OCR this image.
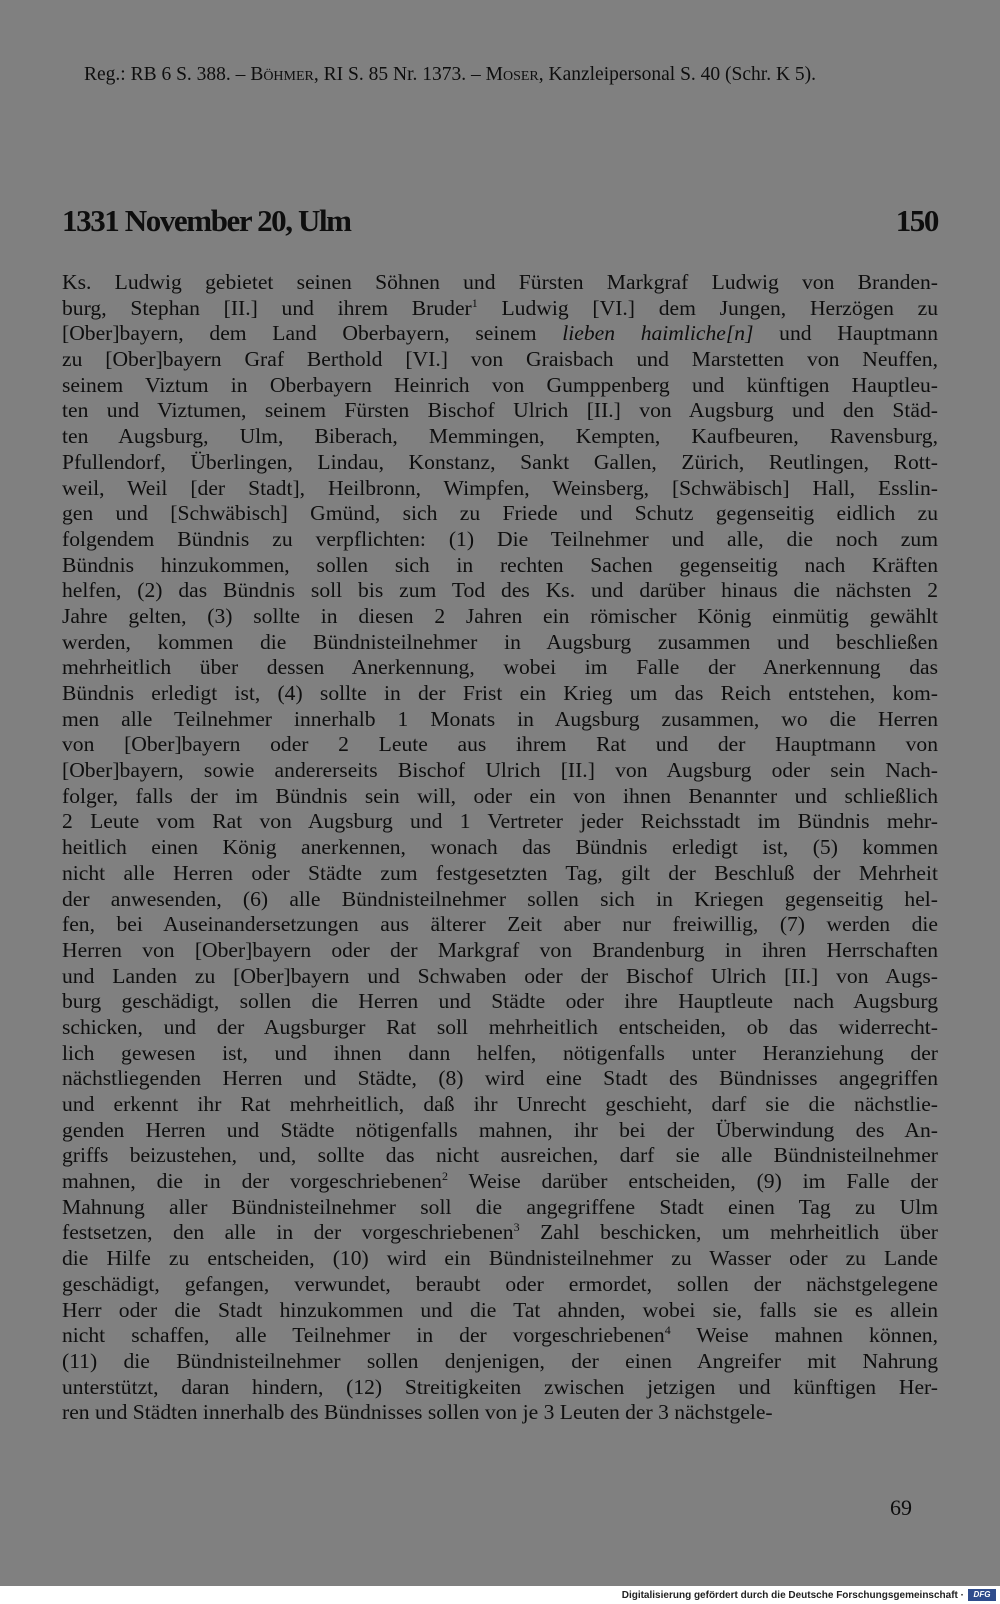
Reg.: RB 6 S. 388. – Böhmer, RI S. 85 Nr. 1373. – Moser, Kanzleipersonal S. 40 (Schr. K 5).
1331 November 20, Ulm	150
Ks. Ludwig gebietet seinen Söhnen und Fürsten Markgraf Ludwig von Branden-
burg, Stephan [II.] und ihrem Bruder$^1$ Ludwig [VI.] dem Jungen, Herzögen zu
[Ober]bayern, dem Land Oberbayern, seinem lieben haimliche[n] und Hauptmann
zu [Ober]bayern Graf Berthold [VI.] von Graisbach und Marstetten von Neuffen,
seinem Viztum in Oberbayern Heinrich von Gumppenberg und künftigen Hauptleu-
ten und Viztumen, seinem Fürsten Bischof Ulrich [II.] von Augsburg und den Städ-
ten Augsburg, Ulm, Biberach, Memmingen, Kempten, Kaufbeuren, Ravensburg,
Pfullendorf, Überlingen, Lindau, Konstanz, Sankt Gallen, Zürich, Reutlingen, Rott-
weil, Weil [der Stadt], Heilbronn, Wimpfen, Weinsberg, [Schwäbisch] Hall, Esslin-
gen und [Schwäbisch] Gmünd, sich zu Friede und Schutz gegenseitig eidlich zu
folgendem Bündnis zu verpflichten: (1) Die Teilnehmer und alle, die noch zum
Bündnis hinzukommen, sollen sich in rechten Sachen gegenseitig nach Kräften
helfen, (2) das Bündnis soll bis zum Tod des Ks. und darüber hinaus die nächsten 2
Jahre gelten, (3) sollte in diesen 2 Jahren ein römischer König einmütig gewählt
werden, kommen die Bündnisteilnehmer in Augsburg zusammen und beschließen
mehrheitlich über dessen Anerkennung, wobei im Falle der Anerkennung das
Bündnis erledigt ist, (4) sollte in der Frist ein Krieg um das Reich entstehen, kom-
men alle Teilnehmer innerhalb 1 Monats in Augsburg zusammen, wo die Herren
von [Ober]bayern oder 2 Leute aus ihrem Rat und der Hauptmann von
[Ober]bayern, sowie andererseits Bischof Ulrich [II.] von Augsburg oder sein Nach-
folger, falls der im Bündnis sein will, oder ein von ihnen Benannter und schließlich
2 Leute vom Rat von Augsburg und 1 Vertreter jeder Reichsstadt im Bündnis mehr-
heitlich einen König anerkennen, wonach das Bündnis erledigt ist, (5) kommen
nicht alle Herren oder Städte zum festgesetzten Tag, gilt der Beschluß der Mehrheit
der anwesenden, (6) alle Bündnisteilnehmer sollen sich in Kriegen gegenseitig hel-
fen, bei Auseinandersetzungen aus älterer Zeit aber nur freiwillig, (7) werden die
Herren von [Ober]bayern oder der Markgraf von Brandenburg in ihren Herrschaften
und Landen zu [Ober]bayern und Schwaben oder der Bischof Ulrich [II.] von Augs-
burg geschädigt, sollen die Herren und Städte oder ihre Hauptleute nach Augsburg
schicken, und der Augsburger Rat soll mehrheitlich entscheiden, ob das widerrecht-
lich gewesen ist, und ihnen dann helfen, nötigenfalls unter Heranziehung der
nächstliegenden Herren und Städte, (8) wird eine Stadt des Bündnisses angegriffen
und erkennt ihr Rat mehrheitlich, daß ihr Unrecht geschieht, darf sie die nächstlie-
genden Herren und Städte nötigenfalls mahnen, ihr bei der Überwindung des An-
griffs beizustehen, und, sollte das nicht ausreichen, darf sie alle Bündnisteilnehmer
mahnen, die in der vorgeschriebenen$^2$ Weise darüber entscheiden, (9) im Falle der
Mahnung aller Bündnisteilnehmer soll die angegriffene Stadt einen Tag zu Ulm
festsetzen, den alle in der vorgeschriebenen$^3$ Zahl beschicken, um mehrheitlich über
die Hilfe zu entscheiden, (10) wird ein Bündnisteilnehmer zu Wasser oder zu Lande
geschädigt, gefangen, verwundet, beraubt oder ermordet, sollen der nächstgelegene
Herr oder die Stadt hinzukommen und die Tat ahnden, wobei sie, falls sie es allein
nicht schaffen, alle Teilnehmer in der vorgeschriebenen$^4$ Weise mahnen können,
(11) die Bündnisteilnehmer sollen denjenigen, der einen Angreifer mit Nahrung
unterstützt, daran hindern, (12) Streitigkeiten zwischen jetzigen und künftigen Her-
ren und Städten innerhalb des Bündnisses sollen von je 3 Leuten der 3 nächstgele-
69
Digitalisierung gefördert durch die Deutsche Forschungsgemeinschaft ·	DFG
